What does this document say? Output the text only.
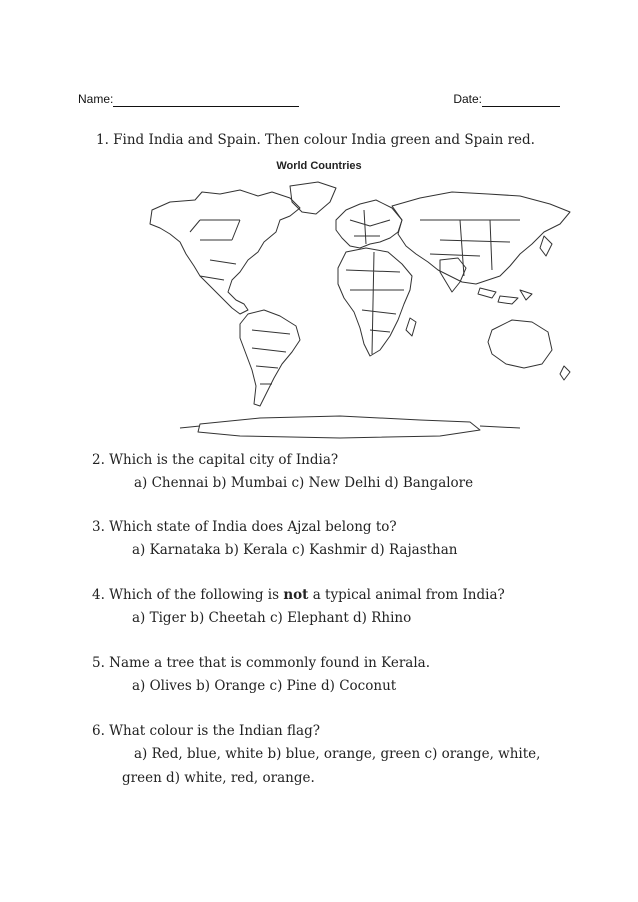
Name:	Date:
1. Find India and Spain. Then colour India green and Spain red.
World Countries
2. Which is the capital city of India?
a) Chennai b) Mumbai c) New Delhi d) Bangalore
3. Which state of India does Ajzal belong to?
a) Karnataka b) Kerala c) Kashmir d) Rajasthan
4. Which of the following is not a typical animal from India?
a) Tiger b) Cheetah c) Elephant d) Rhino
5. Name a tree that is commonly found in Kerala.
a) Olives b) Orange c) Pine d) Coconut
6. What colour is the Indian flag?
a) Red, blue, white b) blue, orange, green c) orange, white,
green d) white, red, orange.
